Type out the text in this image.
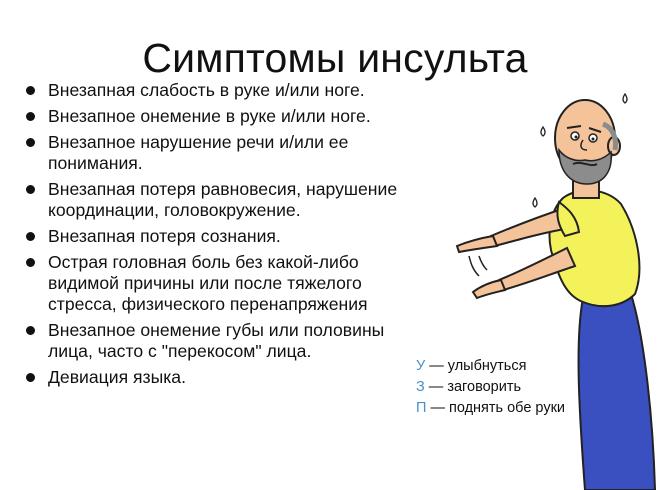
Симптомы инсульта
Внезапная слабость в руке и/или ноге.
Внезапное онемение в руке и/или ноге.
Внезапное нарушение речи и/или ее понимания.
Внезапная потеря равновесия, нарушение координации, головокружение.
Внезапная потеря сознания.
Острая головная боль без какой-либо видимой причины или после тяжелого стресса, физического перенапряжения
Внезапное онемение губы или половины лица, часто с "перекосом" лица.
Девиация языка.
У — улыбнуться
З — заговорить
П — поднять обе руки
